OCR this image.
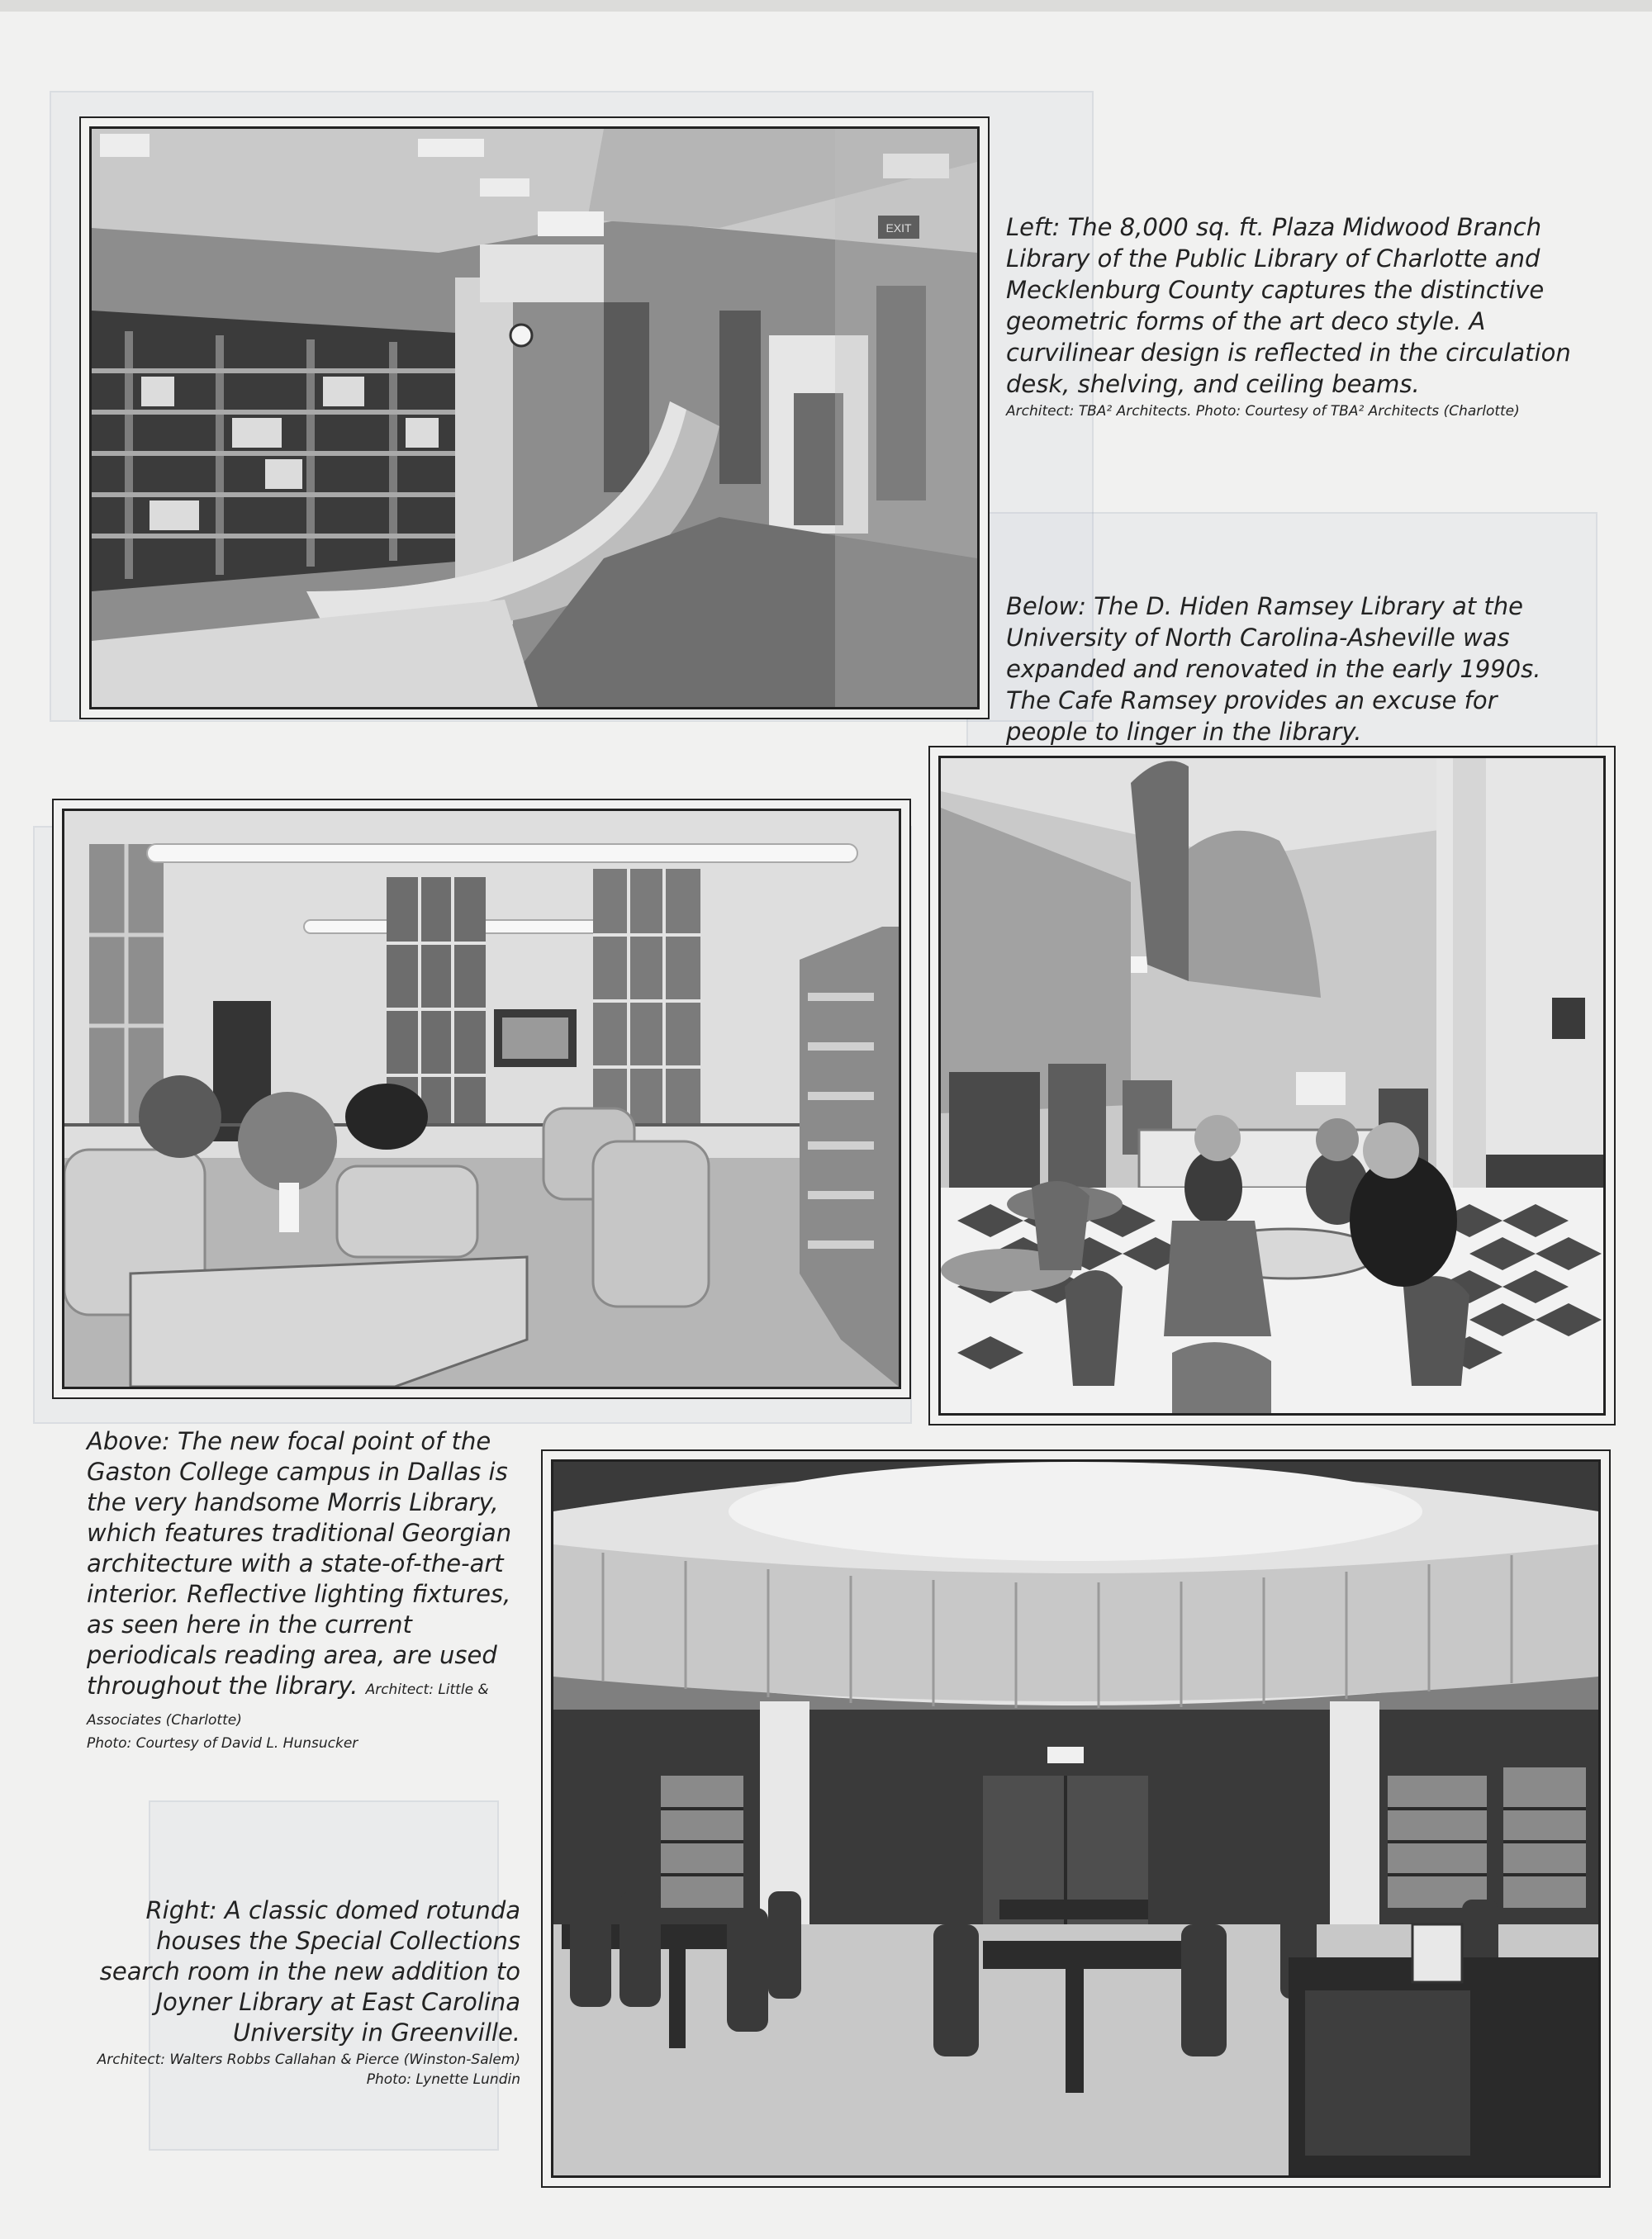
EXIT	Left: The 8,000 sq. ft. Plaza Midwood Branch Library of the Public Library of Charlotte and Mecklenburg County captures the distinctive geometric forms of the art deco style. A curvilinear design is reflected in the circulation desk, shelving, and ceiling beams.
Architect: TBA² Architects. Photo: Courtesy of TBA² Architects (Charlotte)
Below: The D. Hiden Ramsey Library at the University of North Carolina-Asheville was expanded and renovated in the early 1990s. The Cafe Ramsey provides an excuse for people to linger in the library.
Above: The new focal point of the Gaston College campus in Dallas is the very handsome Morris Library, which features traditional Georgian architecture with a state-of-the-art interior. Reflective lighting fixtures, as seen here in the current periodicals reading area, are used throughout the library. Architect: Little & Associates (Charlotte)
Photo: Courtesy of David L. Hunsucker
Right: A classic domed rotunda houses the Special Collections search room in the new addition to Joyner Library at East Carolina University in Greenville.
Architect: Walters Robbs Callahan & Pierce (Winston-Salem)
Photo: Lynette Lundin
